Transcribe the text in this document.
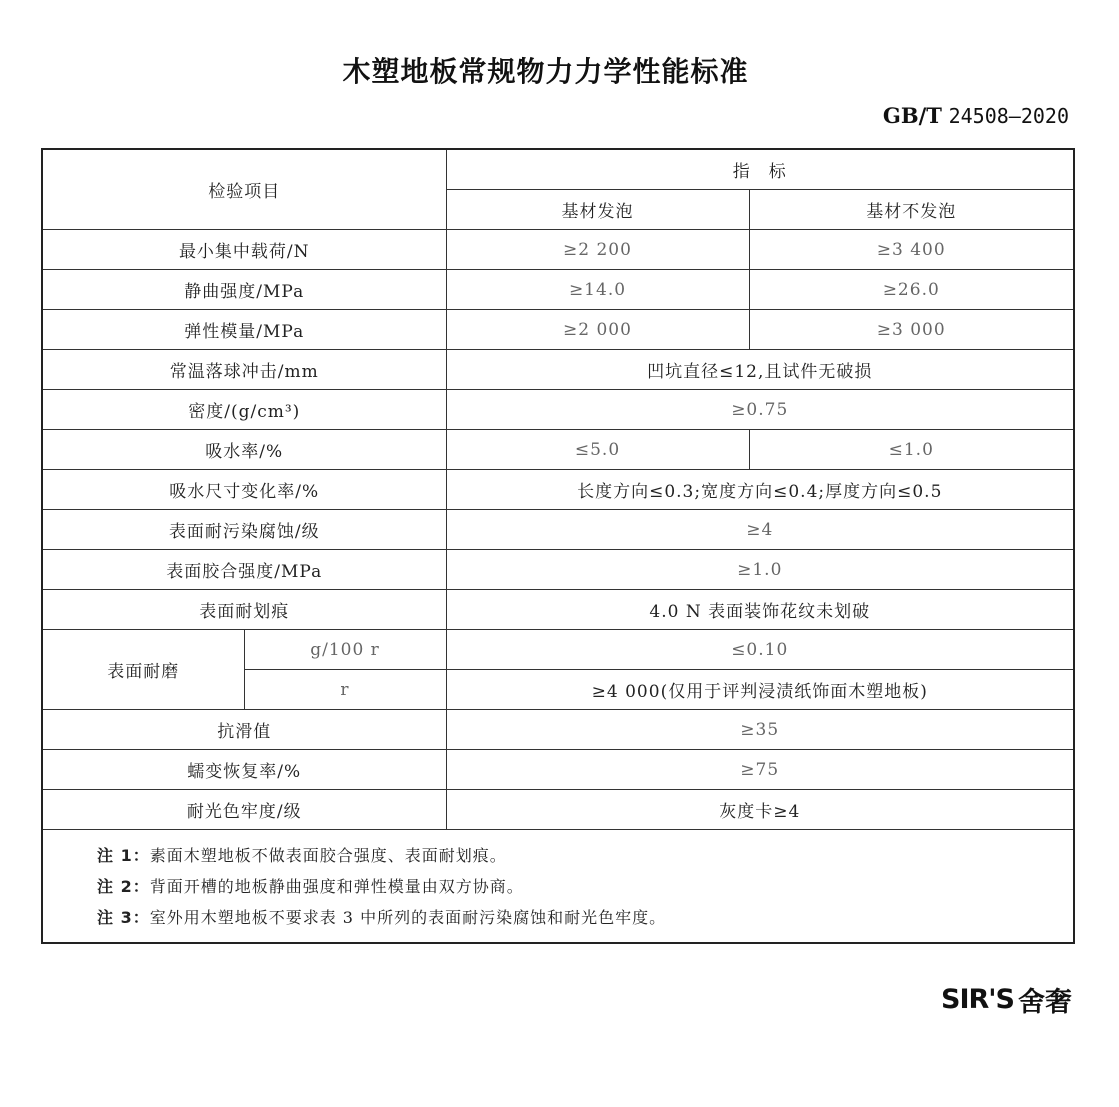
木塑地板常规物力力学性能标准
GB/T 24508—2020
检验项目		指　标	
		基材发泡	基材不发泡
最小集中载荷/N		≥2 200	≥3 400
静曲强度/MPa		≥14.0	≥26.0
弹性模量/MPa		≥2 000	≥3 000
常温落球冲击/mm		凹坑直径≤12,且试件无破损	
密度/(g/cm³)		≥0.75	
吸水率/%		≤5.0	≤1.0
吸水尺寸变化率/%		长度方向≤0.3;宽度方向≤0.4;厚度方向≤0.5	
表面耐污染腐蚀/级		≥4	
表面胶合强度/MPa		≥1.0	
表面耐划痕		4.0 N 表面装饰花纹未划破	
表面耐磨	g/100 r	≤0.10	
	r	≥4 000(仅用于评判浸渍纸饰面木塑地板)	
抗滑值		≥35	
蠕变恢复率/%		≥75	
耐光色牢度/级		灰度卡≥4	

注 1：素面木塑地板不做表面胶合强度、表面耐划痕。
注 2：背面开槽的地板静曲强度和弹性模量由双方协商。
注 3：室外用木塑地板不要求表 3 中所列的表面耐污染腐蚀和耐光色牢度。			
SIR'S 舍奢
